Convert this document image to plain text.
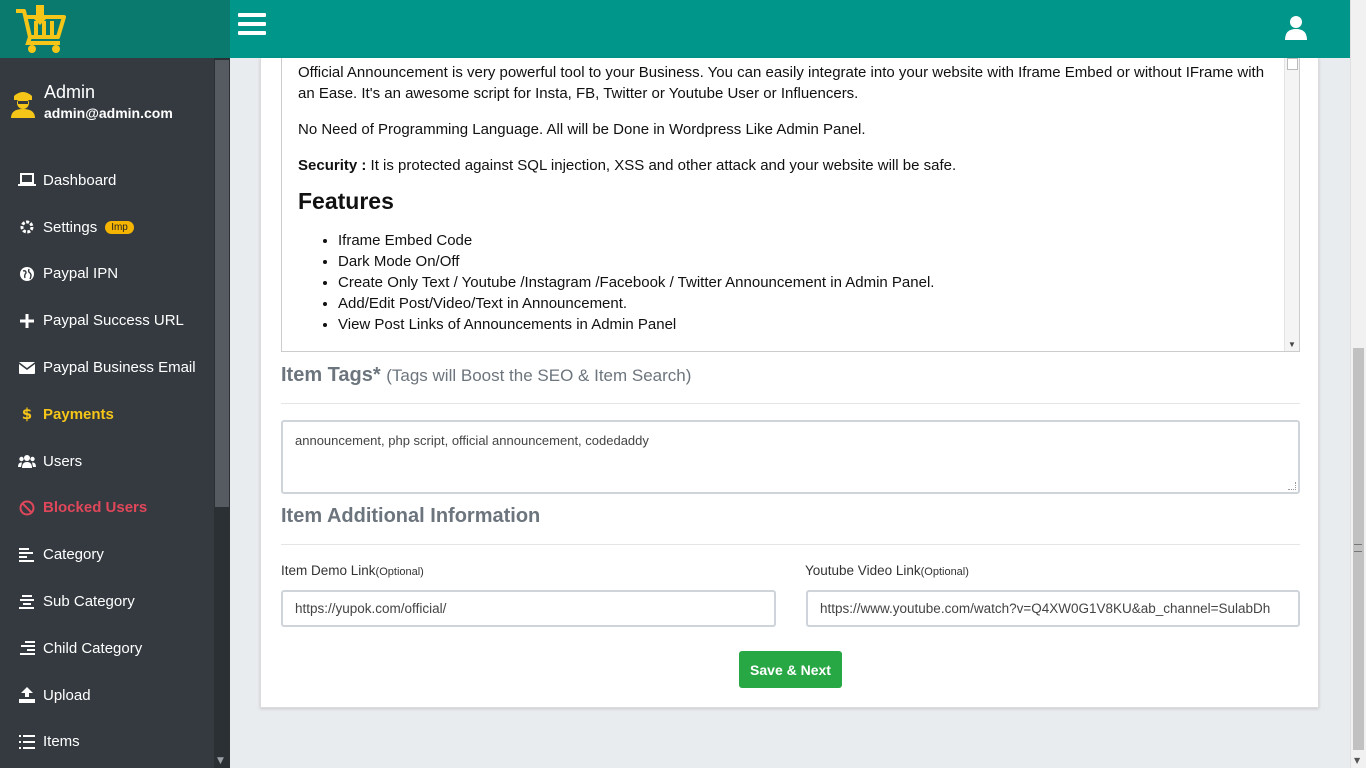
Admin
admin@admin.com
Dashboard
Settings	Imp
Paypal IPN
Paypal Success URL
Paypal Business Email
$ Payments
Users
Blocked Users
Category
Sub Category
Child Category
Upload
Items
▼

Official Announcement is very powerful tool to your Business. You can easily integrate into your website with Iframe Embed or without IFrame with an Ease. It's an awesome script for Insta, FB, Twitter or Youtube User or Influencers.

No Need of Programming Language. All will be Done in Wordpress Like Admin Panel.

Security : It is protected against SQL injection, XSS and other attack and your website will be safe.

Features
• Iframe Embed Code
• Dark Mode On/Off
• Create Only Text / Youtube /Instagram /Facebook / Twitter Announcement in Admin Panel.
• Add/Edit Post/Video/Text in Announcement.
• View Post Links of Announcements in Admin Panel
▼
Item Tags* (Tags will Boost the SEO & Item Search)
announcement, php script, official announcement, codedaddy
Item Additional Information
Item Demo Link(Optional)
https://yupok.com/official/
Youtube Video Link(Optional)
https://www.youtube.com/watch?v=Q4XW0G1V8KU&ab_channel=SulabDh
Save & Next
▼
